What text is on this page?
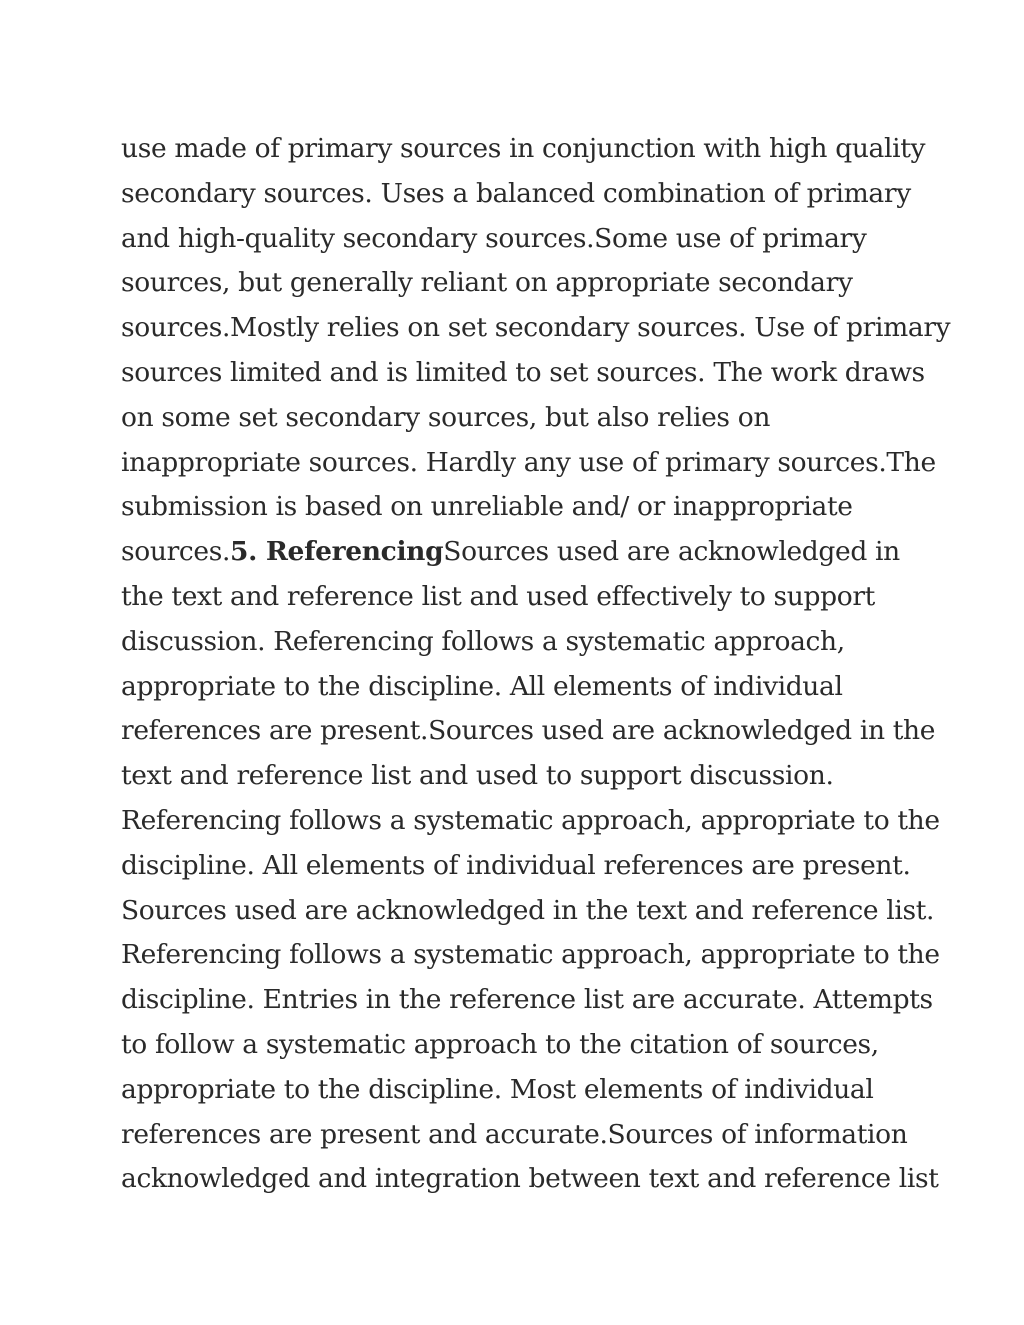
use made of primary sources in conjunction with high quality
secondary sources. Uses a balanced combination of primary
and high-quality secondary sources.Some use of primary
sources, but generally reliant on appropriate secondary
sources.Mostly relies on set secondary sources. Use of primary
sources limited and is limited to set sources. The work draws
on some set secondary sources, but also relies on
inappropriate sources. Hardly any use of primary sources.The
submission is based on unreliable and/ or inappropriate
sources.5. ReferencingSources used are acknowledged in
the text and reference list and used effectively to support
discussion. Referencing follows a systematic approach,
appropriate to the discipline. All elements of individual
references are present.Sources used are acknowledged in the
text and reference list and used to support discussion.
Referencing follows a systematic approach, appropriate to the
discipline. All elements of individual references are present.
Sources used are acknowledged in the text and reference list.
Referencing follows a systematic approach, appropriate to the
discipline. Entries in the reference list are accurate. Attempts
to follow a systematic approach to the citation of sources,
appropriate to the discipline. Most elements of individual
references are present and accurate.Sources of information
acknowledged and integration between text and reference list
